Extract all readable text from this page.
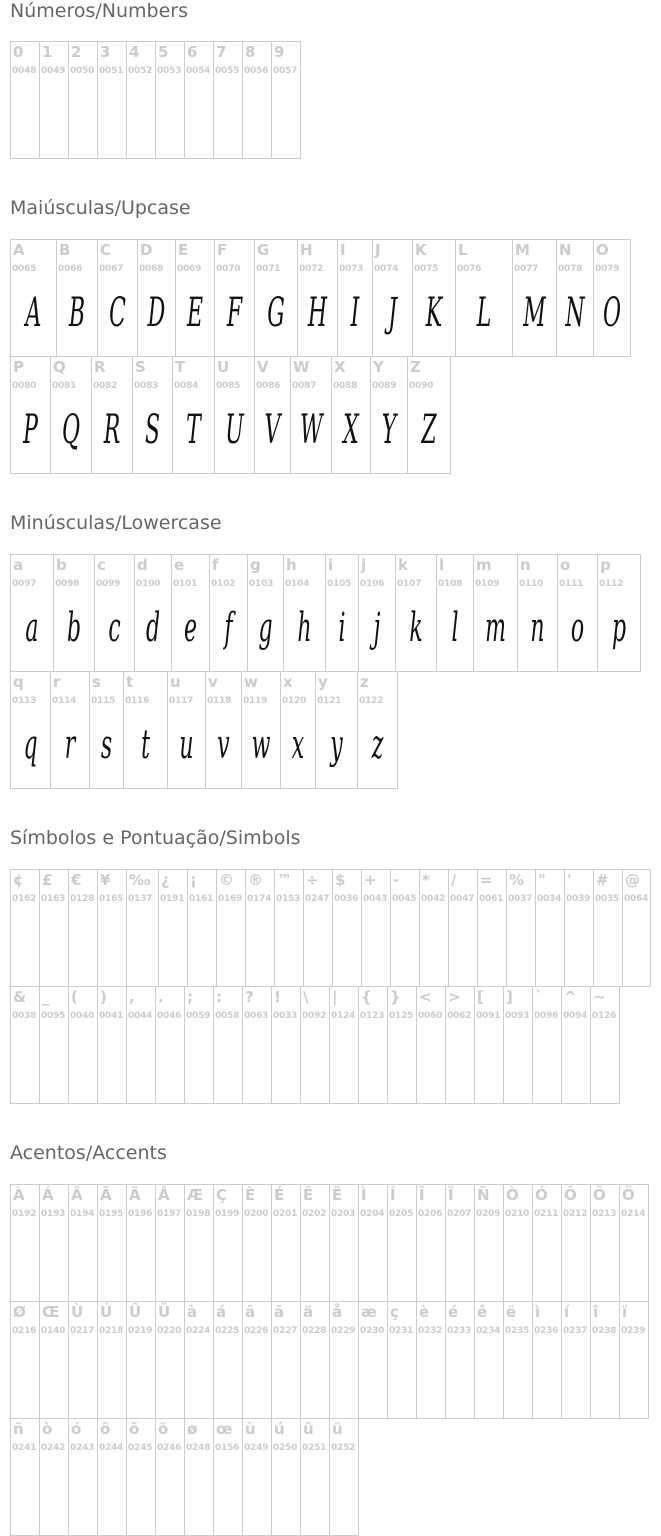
Números/Numbers
0
0048
1
0049
2
0050
3
0051
4
0052
5
0053
6
0054
7
0055
8
0056
9
0057
Maiúsculas/Upcase
A
0065
A
B
0066
B
C
0067
C
D
0068
D
E
0069
E
F
0070
F
G
0071
G
H
0072
H
I
0073
I
J
0074
J
K
0075
K
L
0076
L
M
0077
M
N
0078
N
O
0079
O
P
0080
P
Q
0081
Q
R
0082
R
S
0083
S
T
0084
T
U
0085
U
V
0086
V
W
0087
W
X
0088
X
Y
0089
Y
Z
0090
Z
Minúsculas/Lowercase
a
0097
a
b
0098
b
c
0099
c
d
0100
d
e
0101
e
f
0102
f
g
0103
g
h
0104
h
i
0105
i
j
0106
j
k
0107
k
l
0108
l
m
0109
m
n
0110
n
o
0111
o
p
0112
p
q
0113
q
r
0114
r
s
0115
s
t
0116
t
u
0117
u
v
0118
v
w
0119
w
x
0120
x
y
0121
y
z
0122
z
Símbolos e Pontuação/Simbols
¢
0162
£
0163
€
0128
¥
0165
‰
0137
¿
0191
¡
0161
©
0169
®
0174
™
0153
÷
0247
$
0036
+
0043
-
0045
*
0042
/
0047
=
0061
%
0037
"
0034
'
0039
#
0035
@
0064
&
0038
_
0095
(
0040
)
0041
,
0044
.
0046
;
0059
:
0058
?
0063
!
0033
\
0092
|
0124
{
0123
}
0125
<
0060
>
0062
[
0091
]
0093
`
0096
^
0094
~
0126
Acentos/Accents
À
0192
Á
0193
Â
0194
Ã
0195
Ä
0196
Å
0197
Æ
0198
Ç
0199
È
0200
É
0201
Ê
0202
Ë
0203
Ì
0204
Í
0205
Î
0206
Ï
0207
Ñ
0209
Ò
0210
Ó
0211
Ô
0212
Õ
0213
Ö
0214
Ø
0216
Œ
0140
Ù
0217
Ú
0218
Û
0219
Ü
0220
à
0224
á
0225
â
0226
ã
0227
ä
0228
å
0229
æ
0230
ç
0231
è
0232
é
0233
ê
0234
ë
0235
ì
0236
í
0237
î
0238
ï
0239
ñ
0241
ò
0242
ó
0243
ô
0244
õ
0245
ö
0246
ø
0248
œ
0156
ù
0249
ú
0250
û
0251
ü
0252
